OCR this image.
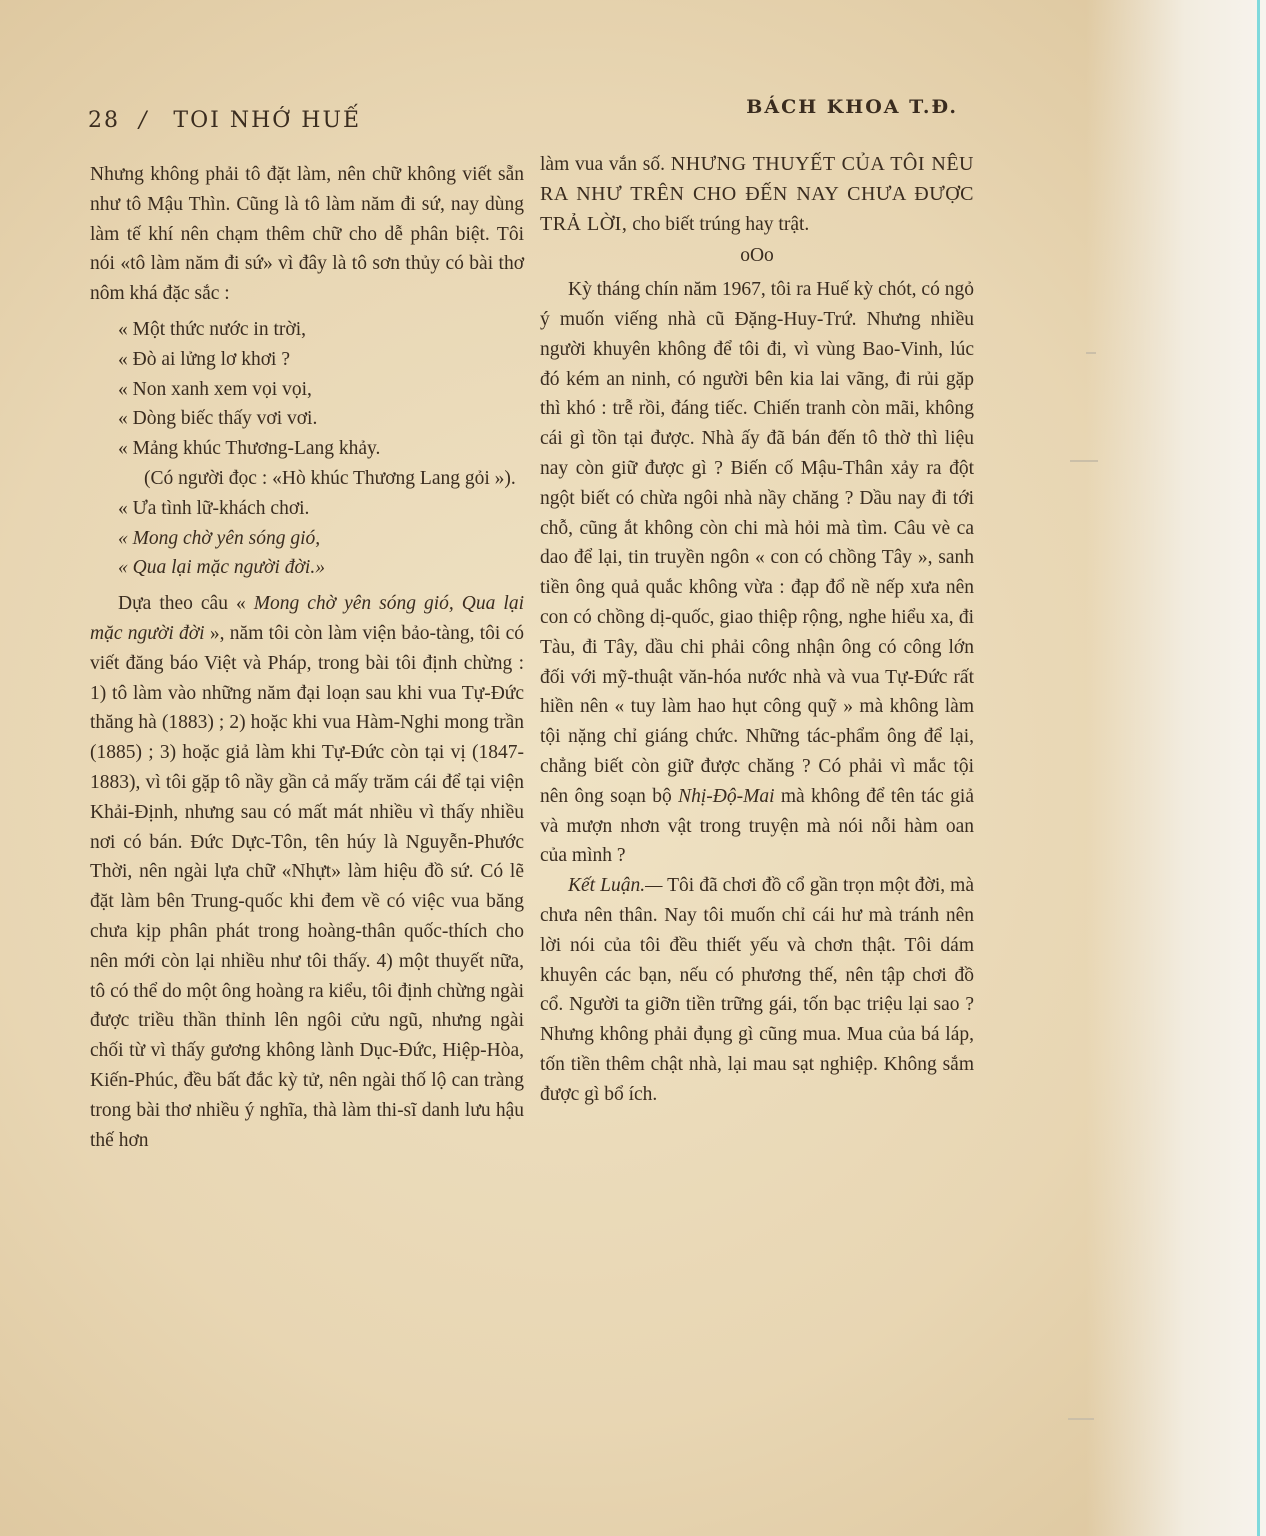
28 / TOI NHỚ HUẾ
BÁCH KHOA T.Đ.

Nhưng không phải tô đặt làm, nên chữ không viết sẵn như tô Mậu Thìn. Cũng là tô làm năm đi sứ, nay dùng làm tế khí nên chạm thêm chữ cho dễ phân biệt. Tôi nói «tô làm năm đi sứ» vì đây là tô sơn thủy có bài thơ nôm khá đặc sắc :

« Một thức nước in trời,
« Đò ai lửng lơ khơi ?
« Non xanh xem vọi vọi,
« Dòng biếc thấy vơi vơi.
« Mảng khúc Thương-Lang khảy.
(Có người đọc : «Hò khúc Thương Lang gỏi »).
« Ưa tình lữ-khách chơi.
« Mong chờ yên sóng gió,
« Qua lại mặc người đời.»

Dựa theo câu « Mong chờ yên sóng gió, Qua lại mặc người đời », năm tôi còn làm viện bảo-tàng, tôi có viết đăng báo Việt và Pháp, trong bài tôi định chừng : 1) tô làm vào những năm đại loạn sau khi vua Tự-Đức thăng hà (1883) ; 2) hoặc khi vua Hàm-Nghi mong trần (1885) ; 3) hoặc giả làm khi Tự-Đức còn tại vị (1847-1883), vì tôi gặp tô nầy gần cả mấy trăm cái để tại viện Khải-Định, nhưng sau có mất mát nhiều vì thấy nhiều nơi có bán. Đức Dực-Tôn, tên húy là Nguyễn-Phước Thời, nên ngài lựa chữ «Nhựt» làm hiệu đồ sứ. Có lẽ đặt làm bên Trung-quốc khi đem về có việc vua băng chưa kịp phân phát trong hoàng-thân quốc-thích cho nên mới còn lại nhiều như tôi thấy. 4) một thuyết nữa, tô có thể do một ông hoàng ra kiểu, tôi định chừng ngài được triều thần thỉnh lên ngôi cửu ngũ, nhưng ngài chối từ vì thấy gương không lành Dục-Đức, Hiệp-Hòa, Kiến-Phúc, đều bất đắc kỳ tử, nên ngài thố lộ can tràng trong bài thơ nhiều ý nghĩa, thà làm thi-sĩ danh lưu hậu thế hơn

làm vua vắn số. NHƯNG THUYẾT CỦA TÔI NÊU RA NHƯ TRÊN CHO ĐẾN NAY CHƯA ĐƯỢC TRẢ LỜI, cho biết trúng hay trật.

oOo

Kỳ tháng chín năm 1967, tôi ra Huế kỳ chót, có ngỏ ý muốn viếng nhà cũ Đặng-Huy-Trứ. Nhưng nhiều người khuyên không để tôi đi, vì vùng Bao-Vinh, lúc đó kém an ninh, có người bên kia lai vãng, đi rủi gặp thì khó : trễ rồi, đáng tiếc. Chiến tranh còn mãi, không cái gì tồn tại được. Nhà ấy đã bán đến tô thờ thì liệu nay còn giữ được gì ? Biến cố Mậu-Thân xảy ra đột ngột biết có chừa ngôi nhà nầy chăng ? Dầu nay đi tới chỗ, cũng ắt không còn chi mà hỏi mà tìm. Câu vè ca dao để lại, tin truyền ngôn « con có chồng Tây », sanh tiền ông quả quắc không vừa : đạp đổ nề nếp xưa nên con có chồng dị-quốc, giao thiệp rộng, nghe hiểu xa, đi Tàu, đi Tây, dầu chi phải công nhận ông có công lớn đối với mỹ-thuật văn-hóa nước nhà và vua Tự-Đức rất hiền nên « tuy làm hao hụt công quỹ » mà không làm tội nặng chỉ giáng chức. Những tác-phẩm ông để lại, chẳng biết còn giữ được chăng ? Có phải vì mắc tội nên ông soạn bộ Nhị-Độ-Mai mà không để tên tác giả và mượn nhơn vật trong truyện mà nói nỗi hàm oan của mình ?

Kết Luận.— Tôi đã chơi đồ cổ gần trọn một đời, mà chưa nên thân. Nay tôi muốn chỉ cái hư mà tránh nên lời nói của tôi đều thiết yếu và chơn thật. Tôi dám khuyên các bạn, nếu có phương thế, nên tập chơi đồ cổ. Người ta giỡn tiền trững gái, tốn bạc triệu lại sao ? Nhưng không phải đụng gì cũng mua. Mua của bá láp, tốn tiền thêm chật nhà, lại mau sạt nghiệp. Không sắm được gì bổ ích.
